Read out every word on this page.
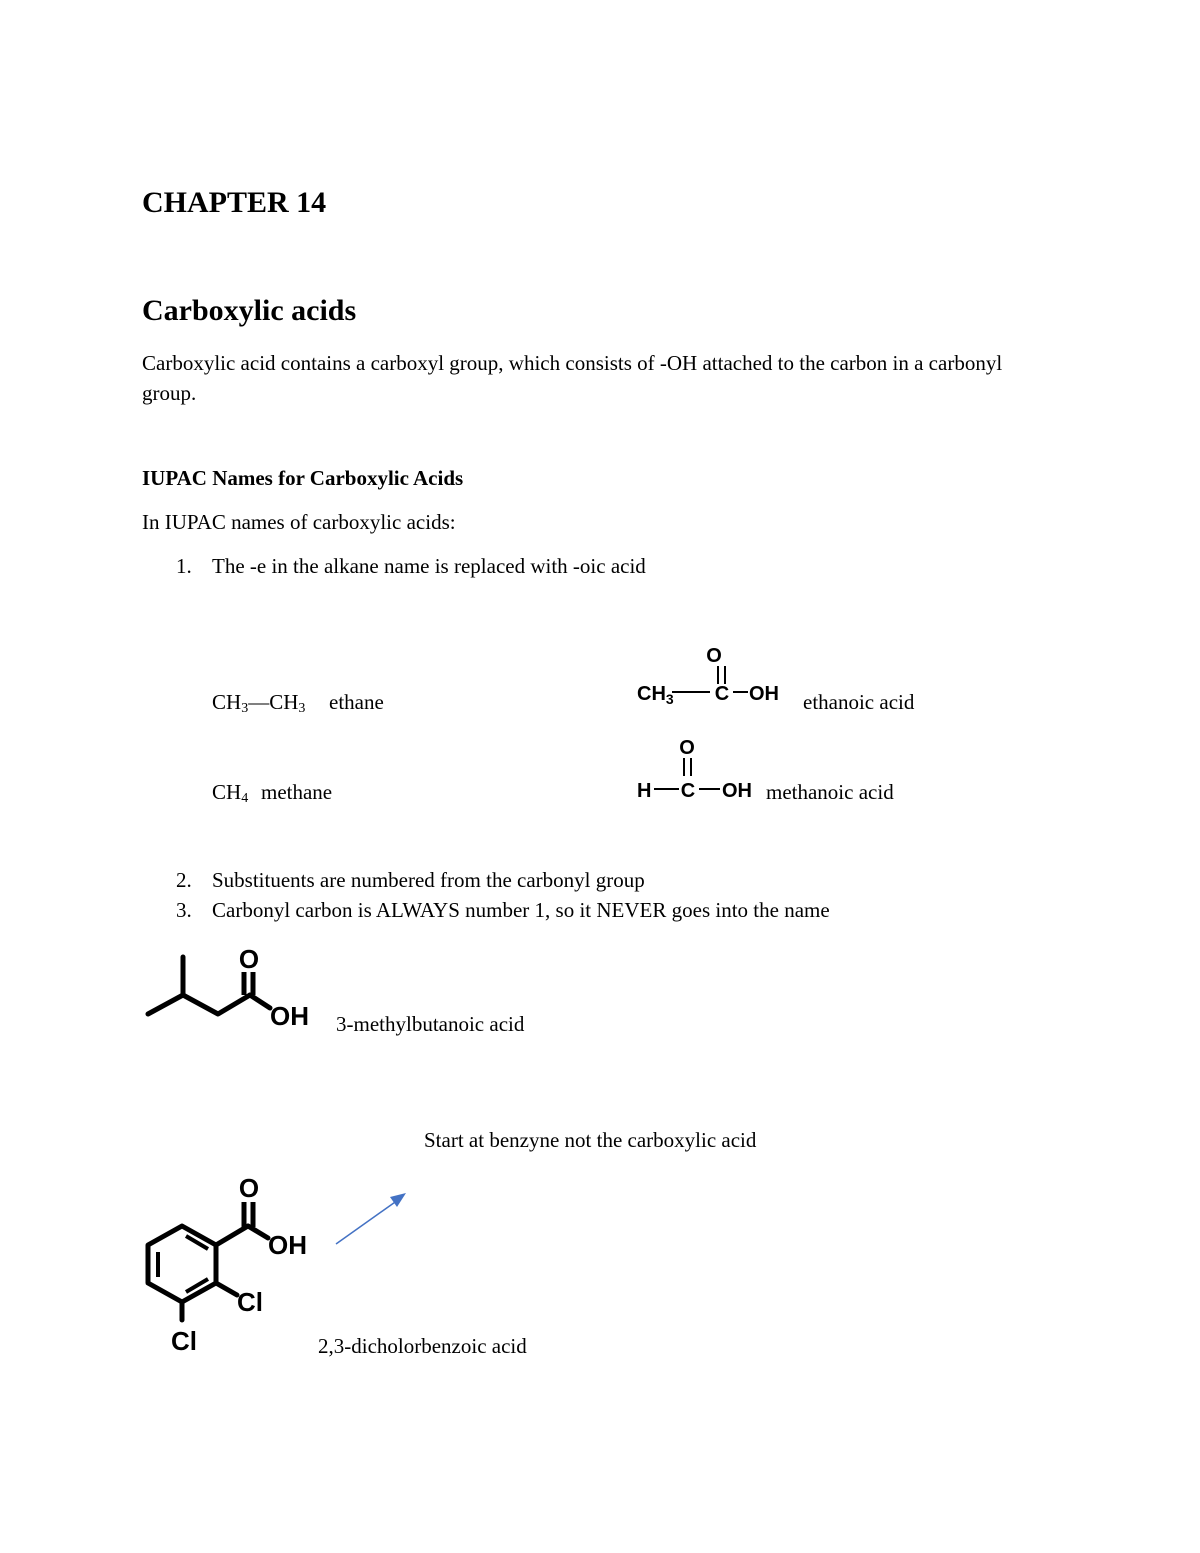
CHAPTER 14
Carboxylic acids
Carboxylic acid contains a carboxyl group, which consists of -OH attached to the carbon in a carbonyl group.
IUPAC Names for Carboxylic Acids
In IUPAC names of carboxylic acids:
1. The -e in the alkane name is replaced with -oic acid
$CH_3—CH_3$ ethane
$CH_4$ methane
O
$CH_3$ C OH ethanoic acid
O
H C OH methanoic acid
2. Substituents are numbered from the carbonyl group
3. Carbonyl carbon is ALWAYS number 1, so it NEVER goes into the name
O
OH 3-methylbutanoic acid
Start at benzyne not the carboxylic acid
O
OH
Cl
Cl	2,3-dicholorbenzoic acid
